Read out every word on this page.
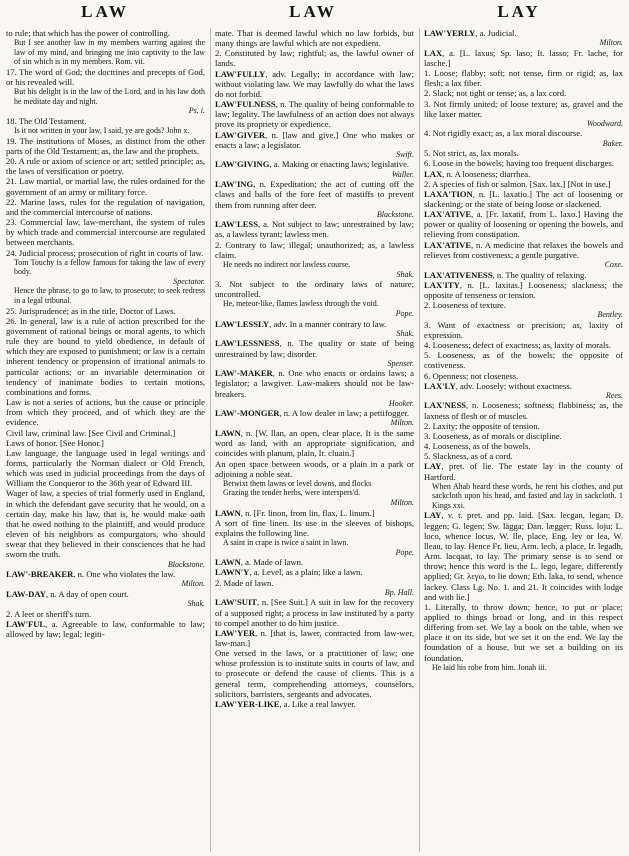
LAW	LAW	LAY

to rule; that which has the power of controlling.

But I see another law in my members warring against the law of my mind, and bringing me into captivity to the law of sin which is in my members. Rom. vii.

17. The word of God; the doctrines and precepts of God, or his revealed will.

But his delight is in the law of the Lord, and in his law doth he meditate day and night.

Ps. i.

18. The Old Testament.

Is it not written in your law, I said, ye are gods? John x.

19. The institutions of Moses, as distinct from the other parts of the Old Testament; as, the law and the prophets.

20. A rule or axiom of science or art; settled principle; as, the laws of versification or poetry.

21. Law martial, or martial law, the rules ordained for the government of an army or military force.

22. Marine laws, rules for the regulation of navigation, and the commercial intercourse of nations.

23. Commercial law, law-merchant, the system of rules by which trade and commercial intercourse are regulated between merchants.

24. Judicial process; prosecution of right in courts of law.

Tom Touchy is a fellow famous for taking the law of every body.

Spectator.

Hence the phrase, to go to law, to prosecute; to seek redress in a legal tribunal.

25. Jurisprudence; as in the title, Doctor of Laws.

26. In general, law is a rule of action prescribed for the government of rational beings or moral agents, to which rule they are bound to yield obedience, in default of which they are exposed to punishment; or law is a certain inherent tendency or propension of irrational animals to particular actions; or an invariable determination or tendency of inanimate bodies to certain motions, combinations and forms.

Law is not a series of actions, but the cause or principle from which they proceed, and of which they are the evidence.

Civil law, criminal law. [See Civil and Criminal.]

Laws of honor. [See Honor.]

Law language, the language used in legal writings and forms, particularly the Norman dialect or Old French, which was used in judicial proceedings from the days of William the Conqueror to the 36th year of Edward III.

Wager of law, a species of trial formerly used in England, in which the defendant gave security that he would, on a certain day, make his law, that is, he would make oath that he owed nothing to the plaintiff, and would produce eleven of his neighbors as compurgators, who should swear that they believed in their consciences that he had sworn the truth.

Blackstone.

LAW'-BREAKER, n. One who violates the law.

Milton.

LAW-DAY, n. A day of open court.

Shak.

2. A leet or sheriff's turn.

LAW'FUL, a. Agreeable to law, conformable to law; allowed by law; legal; legiti-

mate. That is deemed lawful which no law forbids, but many things are lawful which are not expedient.

2. Constituted by law; rightful; as, the lawful owner of lands.

LAW'FULLY, adv. Legally; in accordance with law; without violating law. We may lawfully do what the laws do not forbid.

LAW'FULNESS, n. The quality of being conformable to law; legality. The lawfulness of an action does not always prove its propriety or expedience.

LAW'GIVER, n. [law and give.] One who makes or enacts a law; a legislator.

Swift.

LAW'GIVING, a. Making or enacting laws; legislative.

Waller.

LAW'ING, n. Expeditation; the act of cutting off the claws and balls of the fore feet of mastiffs to prevent them from running after deer.

Blackstone.

LAW'LESS, a. Not subject to law; unrestrained by law; as, a lawless tyrant; lawless men.

2. Contrary to law; illegal; unauthorized; as, a lawless claim.

He needs no indirect nor lawless course.

Shak.

3. Not subject to the ordinary laws of nature; uncontrolled.

He, meteor-like, flames lawless through the void.

Pope.

LAW'LESSLY, adv. In a manner contrary to law.

Shak.

LAW'LESSNESS, n. The quality or state of being unrestrained by law; disorder.

Spenser.

LAW'-MAKER, n. One who enacts or ordains laws; a legislator; a lawgiver. Law-makers should not be law-breakers.

Hooker.

LAW'-MONGER, n. A low dealer in law; a pettifogger.

Milton.

LAWN, n. [W. llan, an open, clear place. It is the same word as land, with an appropriate signification, and coincides with planum, plain, Ir. cluain.]

An open space between woods, or a plain in a park or adjoining a noble seat.

Betwixt them lawns or level downs, and flocks

Grazing the tender herbs, were interspers'd.

Milton.

LAWN, n. [Fr. linon, from lin, flax, L. linum.]

A sort of fine linen. Its use in the sleeves of bishops, explains the following line.

A saint in crape is twice a saint in lawn.

Pope.

LAWN, a. Made of lawn.

LAWN'Y, a. Level, as a plain; like a lawn.

2. Made of lawn.

Bp. Hall.

LAW'SUIT, n. [See Suit.] A suit in law for the recovery of a supposed right; a process in law instituted by a party to compel another to do him justice.

LAW'YER, n. [that is, lawer, contracted from law-wer, law-man.]

One versed in the laws, or a practitioner of law; one whose profession is to institute suits in courts of law, and to prosecute or defend the cause of clients. This is a general term, comprehending attorneys, counselors, solicitors, barristers, sergeants and advocates.

LAW'YER-LIKE, a. Like a real lawyer.

LAW'YERLY, a. Judicial.

Milton.

LAX, a. [L. laxus; Sp. laso; It. lasso; Fr. lache, for lasche.]

1. Loose; flabby; soft; not tense, firm or rigid; as, lax flesh; a lax fiber.

2. Slack; not tight or tense; as, a lax cord.

3. Not firmly united; of loose texture; as, gravel and the like laxer matter.

Woodward.

4. Not rigidly exact; as, a lax moral discourse.

Baker.

5. Not strict, as, lax morals.

6. Loose in the bowels; having too frequent discharges.

LAX, n. A looseness; diarrhea.

2. A species of fish or salmon. [Sax. lax.] [Not in use.]

LAXA'TION, n. [L. laxatio.] The act of loosening or slackening; or the state of being loose or slackened.

LAX'ATIVE, a. [Fr. laxatif, from L. laxo.] Having the power or quality of loosening or opening the bowels, and relieving from constipation.

LAX'ATIVE, n. A medicine that relaxes the bowels and relieves from costiveness; a gentle purgative.

Coxe.

LAX'ATIVENESS, n. The quality of relaxing.

LAX'ITY, n. [L. laxitas.] Looseness; slackness; the opposite of tenseness or tension.

2. Looseness of texture.

Bentley.

3. Want of exactness or precision; as, laxity of expression.

4. Looseness; defect of exactness; as, laxity of morals.

5. Looseness, as of the bowels; the opposite of costiveness.

6. Openness; not closeness.

LAX'LY, adv. Loosely; without exactness.

Rees.

LAX'NESS, n. Looseness; softness; flabbiness; as, the laxness of flesh or of muscles.

2. Laxity; the opposite of tension.

3. Looseness, as of morals or discipline.

4. Looseness, as of the bowels.

5. Slackness, as of a cord.

LAY, pret. of lie. The estate lay in the county of Hartford.

When Ahab heard these words, he rent his clothes, and put sackcloth upon his head, and fasted and lay in sackcloth. 1 Kings xxi.

LAY, v. t. pret. and pp. laid. [Sax. lecgan, legan; D. leggen; G. legen; Sw. lägga; Dan. lægger; Russ. loju; L. loco, whence locus, W. lle, place, Eng. ley or lea, W. lleau, to lay. Hence Fr. lieu, Arm. lech, a place, Ir. legadh, Arm. lacqaat, to lay. The primary sense is to send or throw; hence this word is the L. lego, legare, differently applied; Gr. λεγω, to lie down; Eth. laka, to send, whence lackey. Class Lg. No. 1. and 21. It coincides with lodge and with lie.]

1. Literally, to throw down; hence, to put or place; applied to things broad or long, and in this respect differing from set. We lay a book on the table, when we place it on its side, but we set it on the end. We lay the foundation of a house, but we set a building on its foundation.

He laid his robe from him. Jonah iii.
